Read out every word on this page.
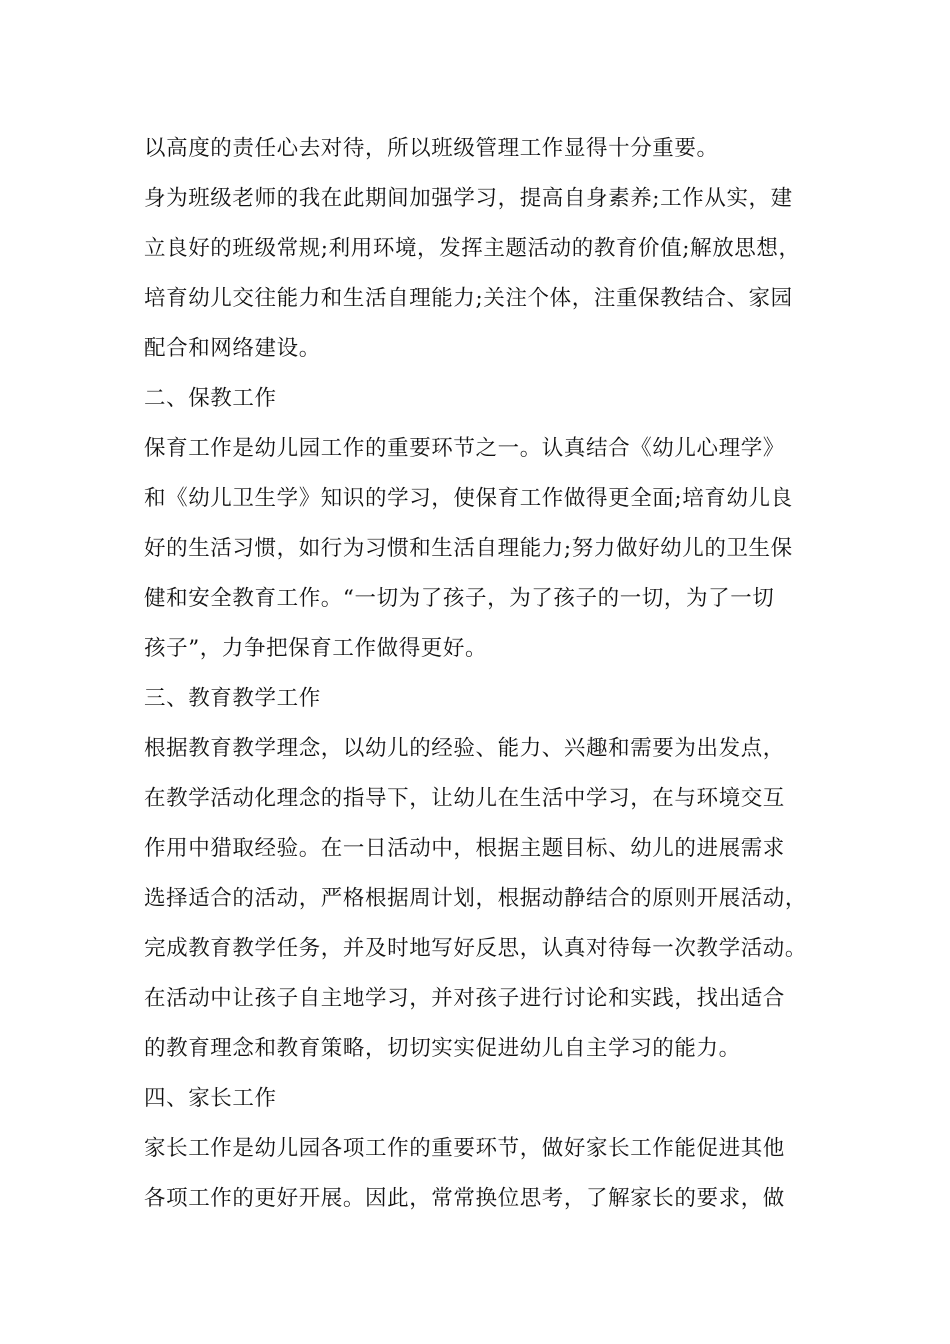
以高度的责任心去对待，所以班级管理工作显得十分重要。
身为班级老师的我在此期间加强学习，提高自身素养;工作从实，建
立良好的班级常规;利用环境，发挥主题活动的教育价值;解放思想，
培育幼儿交往能力和生活自理能力;关注个体，注重保教结合、家园
配合和网络建设。
二、保教工作
保育工作是幼儿园工作的重要环节之一。认真结合《幼儿心理学》
和《幼儿卫生学》知识的学习，使保育工作做得更全面;培育幼儿良
好的生活习惯，如行为习惯和生活自理能力;努力做好幼儿的卫生保
健和安全教育工作。“一切为了孩子，为了孩子的一切，为了一切
孩子”，力争把保育工作做得更好。
三、教育教学工作
根据教育教学理念，以幼儿的经验、能力、兴趣和需要为出发点，
在教学活动化理念的指导下，让幼儿在生活中学习，在与环境交互
作用中猎取经验。在一日活动中，根据主题目标、幼儿的进展需求
选择适合的活动，严格根据周计划，根据动静结合的原则开展活动，
完成教育教学任务，并及时地写好反思，认真对待每一次教学活动。
在活动中让孩子自主地学习，并对孩子进行讨论和实践，找出适合
的教育理念和教育策略，切切实实促进幼儿自主学习的能力。
四、家长工作
家长工作是幼儿园各项工作的重要环节，做好家长工作能促进其他
各项工作的更好开展。因此，常常换位思考，了解家长的要求，做
